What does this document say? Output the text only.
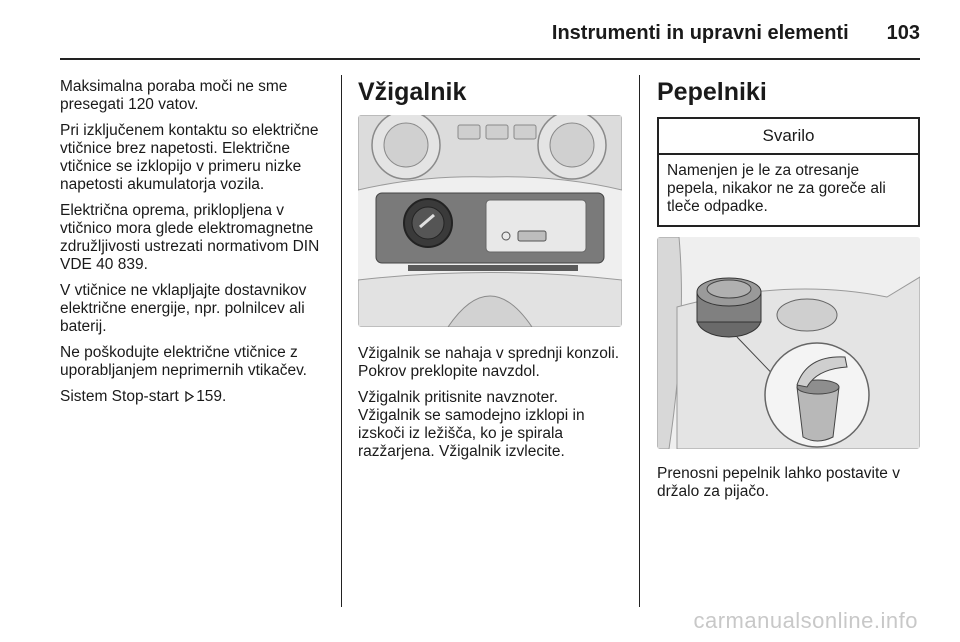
Instrumenti in upravni elementi 103

Maksimalna poraba moči ne sme presegati 120 vatov.

Pri izključenem kontaktu so električne vtičnice brez napetosti. Električne vtičnice se izklopijo v primeru nizke napetosti akumulatorja vozila.

Električna oprema, priklopljena v vtičnico mora glede elektromagnetne združljivosti ustrezati normativom DIN VDE 40 839.

V vtičnice ne vklapljajte dostavnikov električne energije, npr. polnilcev ali baterij.

Ne poškodujte električne vtičnice z uporabljanjem neprimernih vtikačev.

Sistem Stop-start 159.

Vžigalnik

Vžigalnik se nahaja v sprednji konzoli. Pokrov preklopite navzdol.

Vžigalnik pritisnite navznoter. Vžigalnik se samodejno izklopi in izskoči iz ležišča, ko je spirala razžarjena. Vžigalnik izvlecite.

Pepelniki
Svarilo
Namenjen je le za otresanje pepela, nikakor ne za goreče ali tleče odpadke.

Prenosni pepelnik lahko postavite v držalo za pijačo.

carmanualsonline.info
